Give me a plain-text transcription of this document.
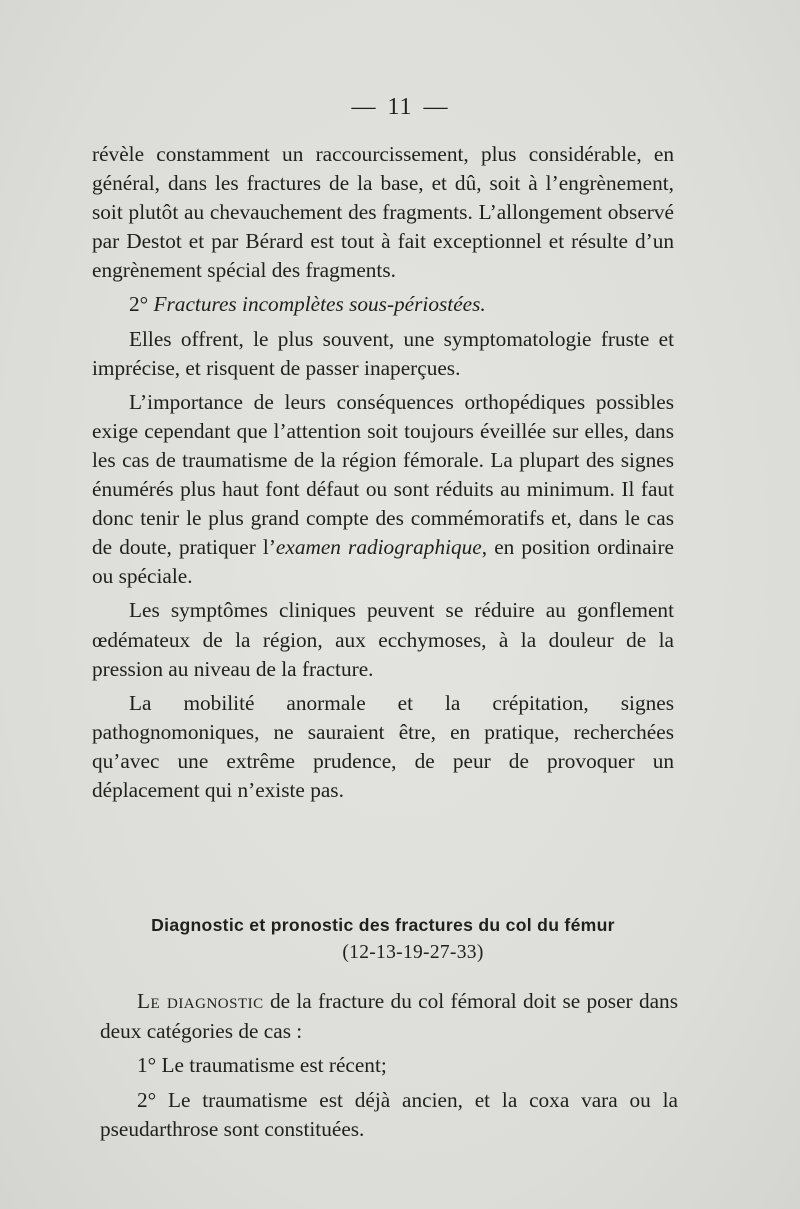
— 11 —

révèle constamment un raccourcissement, plus considérable, en général, dans les fractures de la base, et dû, soit à l’engrènement, soit plutôt au chevauchement des fragments. L’allongement observé par Destot et par Bérard est tout à fait exceptionnel et résulte d’un engrènement spécial des fragments.

2° Fractures incomplètes sous-périostées.

Elles offrent, le plus souvent, une symptomatologie fruste et imprécise, et risquent de passer inaperçues.

L’importance de leurs conséquences orthopédiques possibles exige cependant que l’attention soit toujours éveillée sur elles, dans les cas de traumatisme de la région fémorale. La plupart des signes énumérés plus haut font défaut ou sont réduits au minimum. Il faut donc tenir le plus grand compte des commémoratifs et, dans le cas de doute, pratiquer l’examen radiographique, en position ordinaire ou spéciale.

Les symptômes cliniques peuvent se réduire au gonflement œdémateux de la région, aux ecchymoses, à la douleur de la pression au niveau de la fracture.

La mobilité anormale et la crépitation, signes pathognomoniques, ne sauraient être, en pratique, recherchées qu’avec une extrême prudence, de peur de provoquer un déplacement qui n’existe pas.

Diagnostic et pronostic des fractures du col du fémur
(12-13-19-27-33)

Le diagnostic de la fracture du col fémoral doit se poser dans deux catégories de cas :

1° Le traumatisme est récent;

2° Le traumatisme est déjà ancien, et la coxa vara ou la pseudarthrose sont constituées.
